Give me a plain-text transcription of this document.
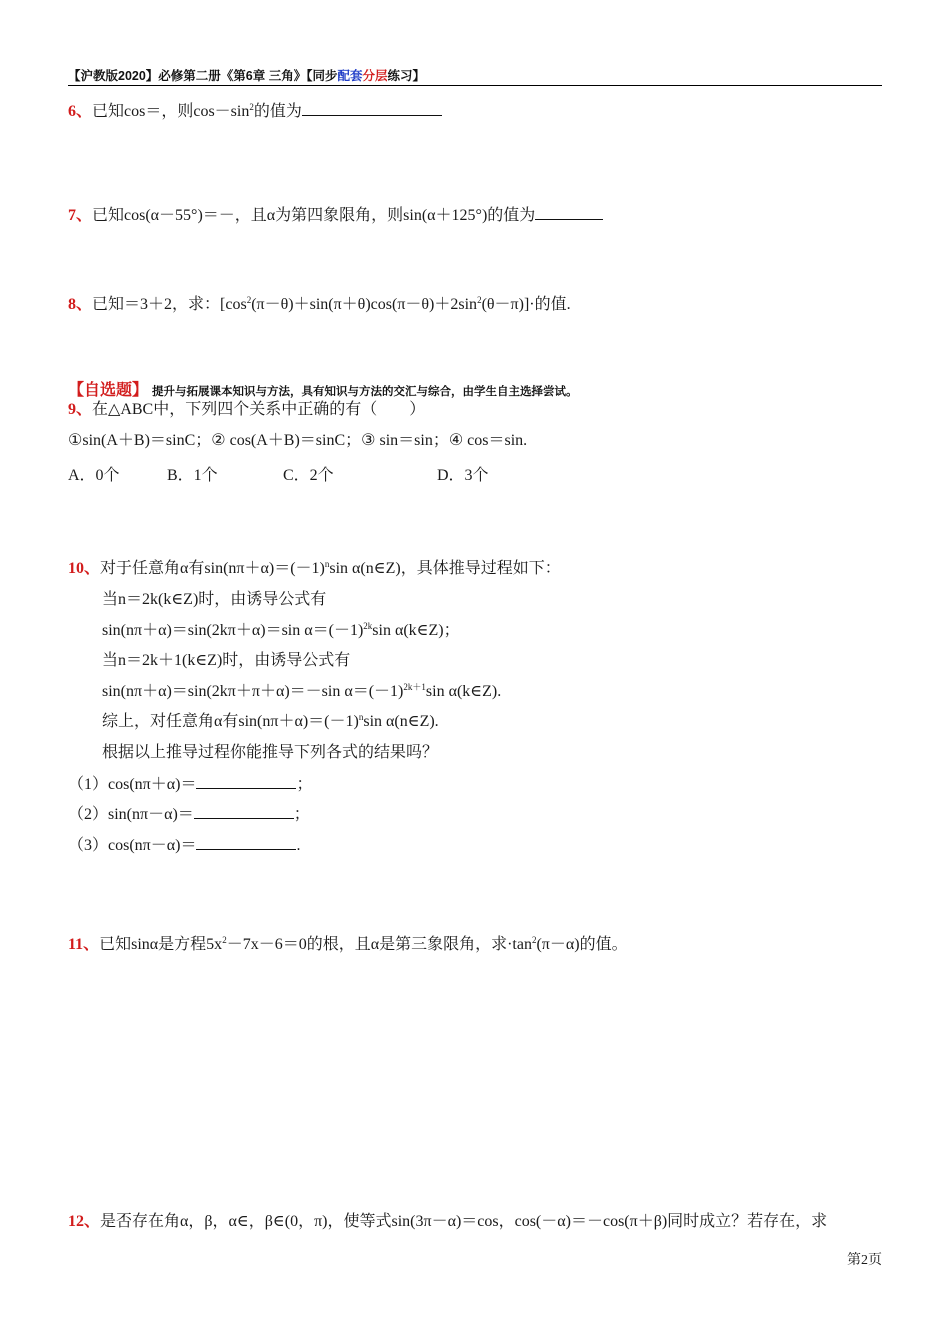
【沪教版2020】必修第二册《第6章 三角》【同步配套分层练习】
6、已知cos＝，则$\cos-\sin^2$的值为
7、已知cos(α－55°)＝－，且α为第四象限角，则sin(α＋125°)的值为
8、已知＝3＋2，求：$[\cos^2(\pi-\theta)+\sin(\pi+\theta)\cos(\pi-\theta)+2\sin^2(\theta-\pi)]\cdot$的值.
【自选题】 提升与拓展课本知识与方法，具有知识与方法的交汇与综合，由学生自主选择尝试。
9、在△ABC中，下列四个关系中正确的有（　　）
①sin(A＋B)＝sinC；② cos(A＋B)＝sinC；③ sin＝sin；④ cos＝sin.
A．0个	B．1个	C．2个	D．3个
10、对于任意角α有$\sin(n\pi+\alpha)=(-1)^n\sin$ α(n∈Z)，具体推导过程如下：
当n＝2k(k∈Z)时，由诱导公式有
sin(nπ＋α)＝sin(2kπ＋α)＝sin $\alpha=(-1)^{2k}\sin$ α(k∈Z)；
当n＝2k＋1(k∈Z)时，由诱导公式有
sin(nπ＋α)＝sin(2kπ＋π＋α)＝－sin $\alpha=(-1)^{2k+1}\sin$ α(k∈Z).
综上，对任意角α有$\sin(n\pi+\alpha)=(-1)^n\sin$ α(n∈Z).
根据以上推导过程你能推导下列各式的结果吗？
（1）cos(nπ＋α)＝	；
（2）sin(nπ－α)＝	；
（3）cos(nπ－α)＝	.
11、已知sinα是方程$5x^2-7x-6=0$的根，且α是第三象限角，求$\cdot\tan^2(\pi-\alpha)$的值。
12、是否存在角α，β，α∈，β∈(0，π)，使等式sin(3π－α)＝cos，cos(－α)＝－cos(π＋β)同时成立？若存在，求
第2页
